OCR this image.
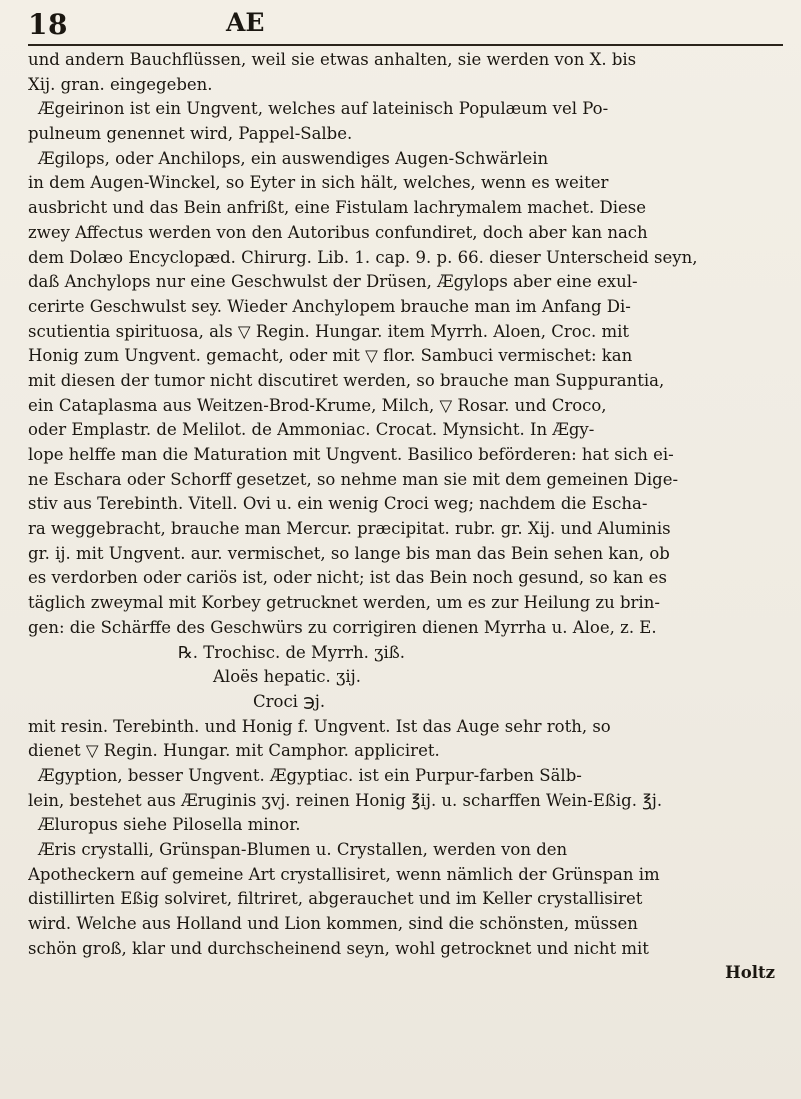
18	AE
und andern Bauchflüssen, weil sie etwas anhalten, sie werden von X. bis
Xij. gran. eingegeben.
Ægeirinon ist ein Ungvent, welches auf lateinisch Populæum vel Po-
pulneum genennet wird, Pappel-Salbe.
Ægilops, oder Anchilops, ein auswendiges Augen-Schwärlein
in dem Augen-Winckel, so Eyter in sich hält, welches, wenn es weiter
ausbricht und das Bein anfrißt, eine Fistulam lachrymalem machet. Diese
zwey Affectus werden von den Autoribus confundiret, doch aber kan nach
dem Dolæo Encyclopæd. Chirurg. Lib. 1. cap. 9. p. 66. dieser Unterscheid seyn,
daß Anchylops nur eine Geschwulst der Drüsen, Ægylops aber eine exul-
cerirte Geschwulst sey. Wieder Anchylopem brauche man im Anfang Di-
scutientia spirituosa, als ▽ Regin. Hungar. item Myrrh. Aloen, Croc. mit
Honig zum Ungvent. gemacht, oder mit ▽ flor. Sambuci vermischet: kan
mit diesen der tumor nicht discutiret werden, so brauche man Suppurantia,
ein Cataplasma aus Weitzen-Brod-Krume, Milch, ▽ Rosar. und Croco,
oder Emplastr. de Melilot. de Ammoniac. Crocat. Mynsicht. In Ægy-
lope helffe man die Maturation mit Ungvent. Basilico beförderen: hat sich ei-
ne Eschara oder Schorff gesetzet, so nehme man sie mit dem gemeinen Dige-
stiv aus Terebinth. Vitell. Ovi u. ein wenig Croci weg; nachdem die Escha-
ra weggebracht, brauche man Mercur. præcipitat. rubr. gr. Xij. und Aluminis
gr. ij. mit Ungvent. aur. vermischet, so lange bis man das Bein sehen kan, ob
es verdorben oder cariös ist, oder nicht; ist das Bein noch gesund, so kan es
täglich zweymal mit Korbey getrucknet werden, um es zur Heilung zu brin-
gen: die Schärffe des Geschwürs zu corrigiren dienen Myrrha u. Aloe, z. E.
℞. Trochisc. de Myrrh. ʒiß.
Aloës hepatic. ʒij.
Croci ℈j.
mit resin. Terebinth. und Honig f. Ungvent. Ist das Auge sehr roth, so
dienet ▽ Regin. Hungar. mit Camphor. appliciret.
Ægyption, besser Ungvent. Ægyptiac. ist ein Purpur-farben Sälb-
lein, bestehet aus Æruginis ʒvj. reinen Honig ℥ij. u. scharffen Wein-Eßig. ℥j.
Æluropus siehe Pilosella minor.
Æris crystalli, Grünspan-Blumen u. Crystallen, werden von den
Apotheckern auf gemeine Art crystallisiret, wenn nämlich der Grünspan im
distillirten Eßig solviret, filtriret, abgerauchet und im Keller crystallisiret
wird. Welche aus Holland und Lion kommen, sind die schönsten, müssen
schön groß, klar und durchscheinend seyn, wohl getrocknet und nicht mit
Holtz
